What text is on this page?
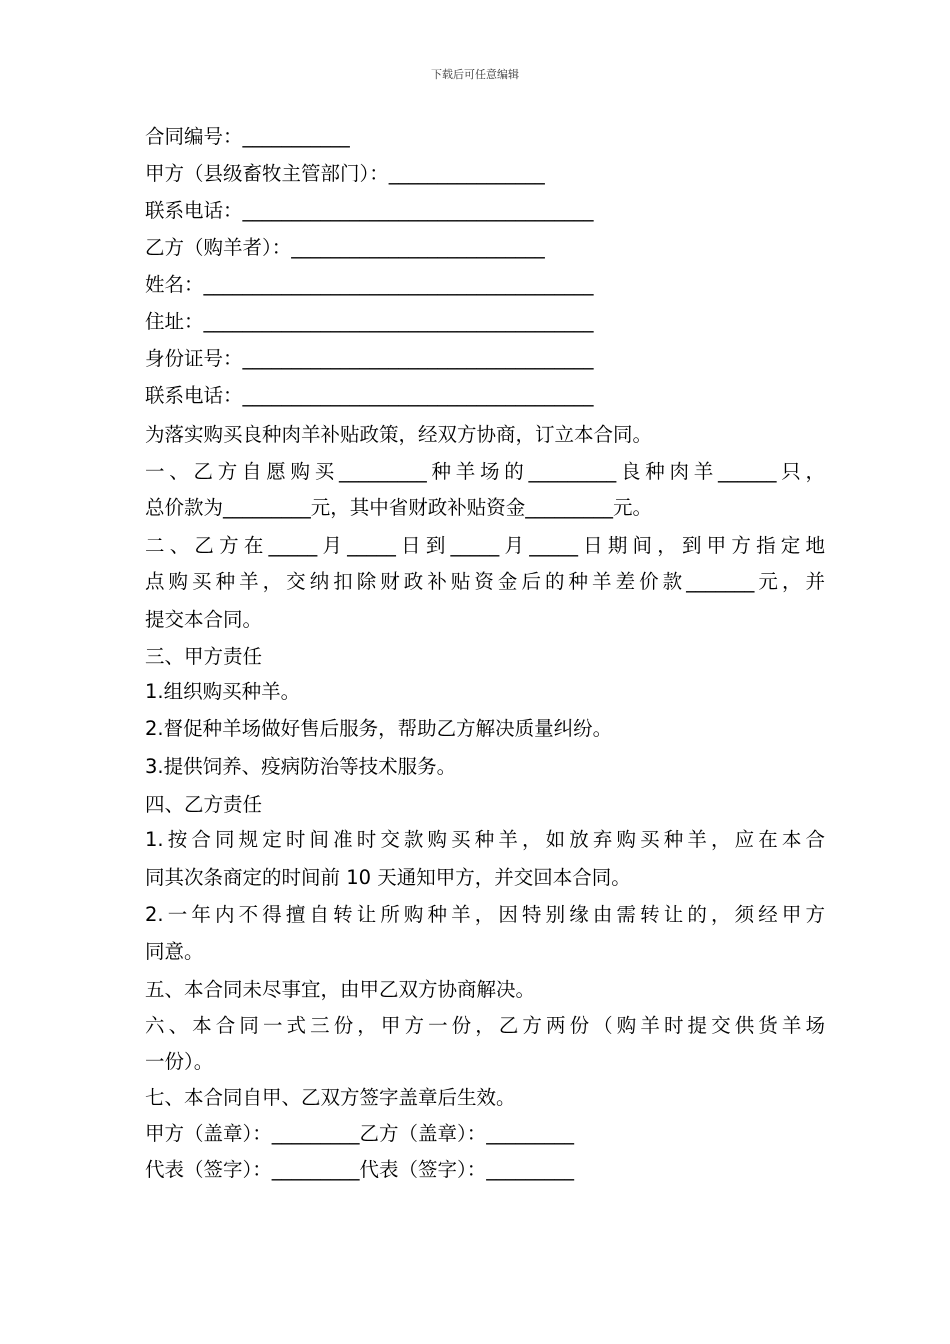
下载后可任意编辑
合同编号：___________
甲方（县级畜牧主管部门）：________________
联系电话：____________________________________
乙方（购羊者）：__________________________
姓名：________________________________________
住址：________________________________________
身份证号：____________________________________
联系电话：____________________________________
为落实购买良种肉羊补贴政策，经双方协商，订立本合同。
一、乙方自愿购买_________种羊场的_________良种肉羊______只，
总价款为_________元，其中省财政补贴资金_________元。
二、乙方在_____月_____日到_____月_____日期间，到甲方指定地
点购买种羊，交纳扣除财政补贴资金后的种羊差价款_______元，并
提交本合同。
三、甲方责任
1.组织购买种羊。
2.督促种羊场做好售后服务，帮助乙方解决质量纠纷。
3.提供饲养、疫病防治等技术服务。
四、乙方责任
1.按合同规定时间准时交款购买种羊，如放弃购买种羊，应在本合
同其次条商定的时间前 10 天通知甲方，并交回本合同。
2.一年内不得擅自转让所购种羊，因特别缘由需转让的，须经甲方
同意。
五、本合同未尽事宜，由甲乙双方协商解决。
六、本合同一式三份，甲方一份，乙方两份（购羊时提交供货羊场
一份）。
七、本合同自甲、乙双方签字盖章后生效。
甲方（盖章）：_________乙方（盖章）：_________
代表（签字）：_________代表（签字）：_________
